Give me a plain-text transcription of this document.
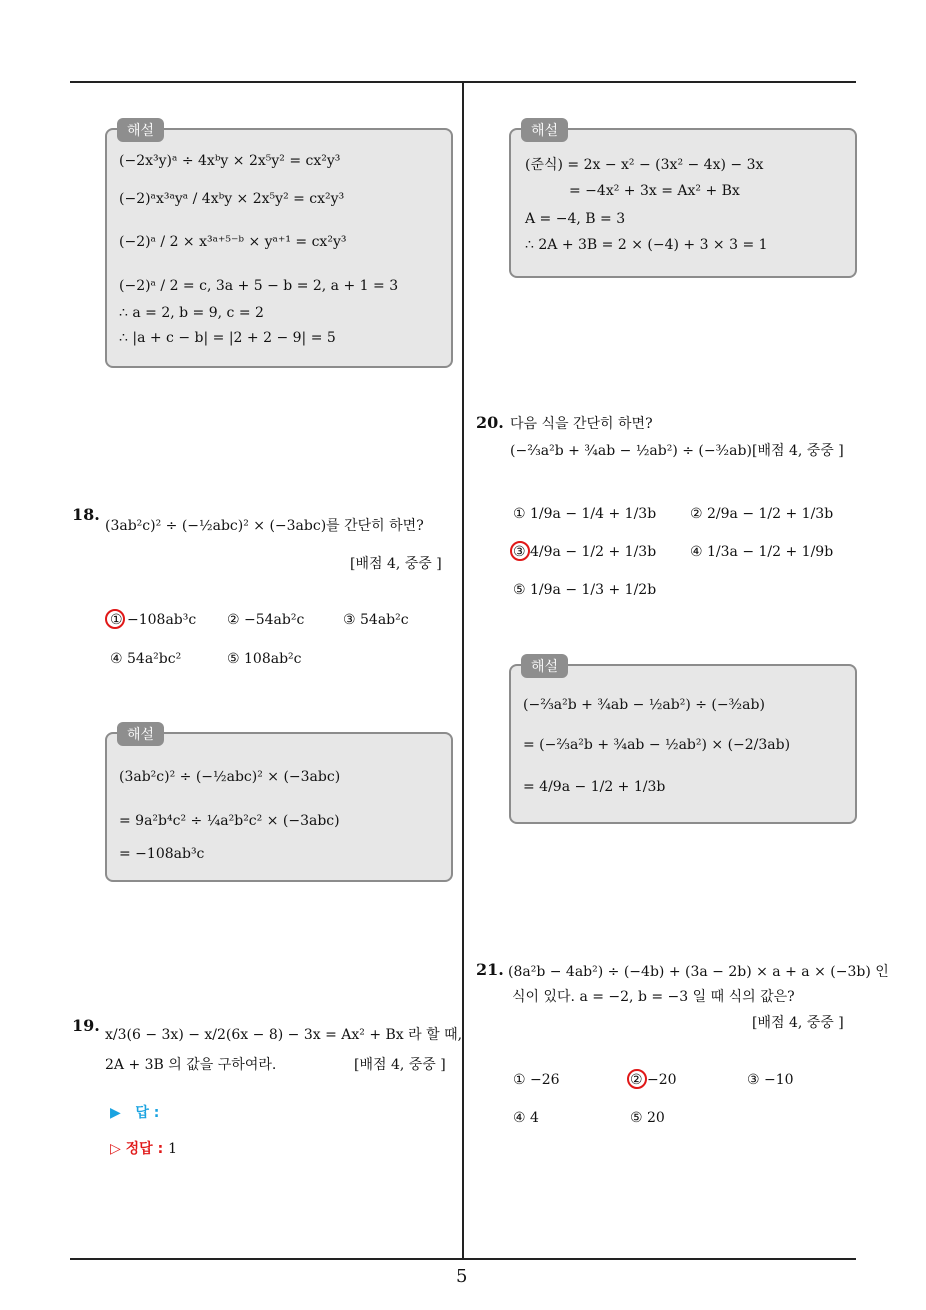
5
해설
(−2x³y)ᵃ ÷ 4xᵇy × 2x⁵y² = cx²y³
(−2)ᵃx³ᵃyᵃ / 4xᵇy × 2x⁵y² = cx²y³
(−2)ᵃ / 2 × x³ᵃ⁺⁵⁻ᵇ × yᵃ⁺¹ = cx²y³
(−2)ᵃ / 2 = c, 3a + 5 − b = 2, a + 1 = 3
∴ a = 2, b = 9, c = 2
∴ |a + c − b| = |2 + 2 − 9| = 5
18.
(3ab²c)² ÷ (−½abc)² × (−3abc)를 간단히 하면?
[배점 4, 중중 ]
① −108ab³c ② −54ab²c	③ 54ab²c
④ 54a²bc²	⑤ 108ab²c
해설
(3ab²c)² ÷ (−½abc)² × (−3abc)
= 9a²b⁴c² ÷ ¼a²b²c² × (−3abc)
= −108ab³c
19. x/3(6 − 3x) − x/2(6x − 8) − 3x = Ax² + Bx 라 할 때,
2A + 3B 의 값을 구하여라.	[배점 4, 중중 ]
▶ 답 :
▷ 정답 : 1
해설
(준식) = 2x − x² − (3x² − 4x) − 3x
= −4x² + 3x = Ax² + Bx
A = −4, B = 3
∴ 2A + 3B = 2 × (−4) + 3 × 3 = 1
20. 다음 식을 간단히 하면?
(−⅔a²b + ¾ab − ½ab²) ÷ (−³⁄₂ab) [배점 4, 중중 ]
① 1/9a − 1/4 + 1/3b ② 2/9a − 1/2 + 1/3b
③ 4/9a − 1/2 + 1/3b ④ 1/3a − 1/2 + 1/9b
⑤ 1/9a − 1/3 + 1/2b
해설
(−⅔a²b + ¾ab − ½ab²) ÷ (−³⁄₂ab)
= (−⅔a²b + ¾ab − ½ab²) × (−2/3ab)
= 4/9a − 1/2 + 1/3b
21. (8a²b − 4ab²) ÷ (−4b) + (3a − 2b) × a + a × (−3b) 인
식이 있다. a = −2, b = −3 일 때 식의 값은?
[배점 4, 중중 ]
① −26	② −20	③ −10
④ 4	⑤ 20
